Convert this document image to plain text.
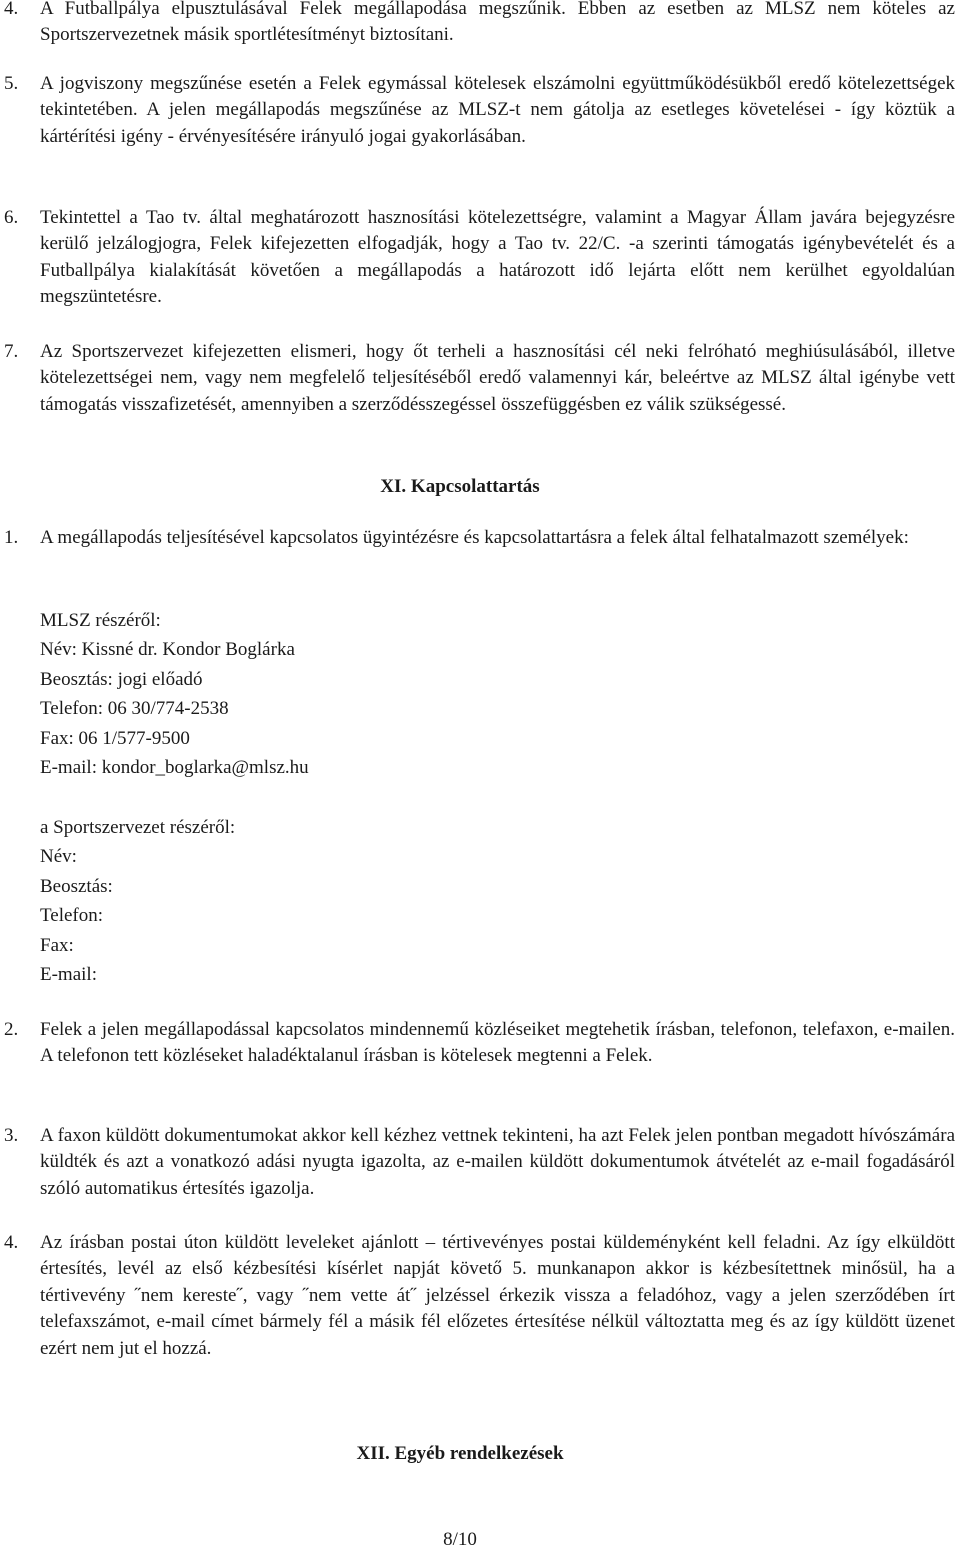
4. A Futballpálya elpusztulásával Felek megállapodása megszűnik. Ebben az esetben az MLSZ nem köteles az Sportszervezetnek másik sportlétesítményt biztosítani.

5. A jogviszony megszűnése esetén a Felek egymással kötelesek elszámolni együttműködésükből eredő kötelezettségek tekintetében. A jelen megállapodás megszűnése az MLSZ-t nem gátolja az esetleges követelései - így köztük a kártérítési igény - érvényesítésére irányuló jogai gyakorlásában.

6. Tekintettel a Tao tv. által meghatározott hasznosítási kötelezettségre, valamint a Magyar Állam javára bejegyzésre kerülő jelzálogjogra, Felek kifejezetten elfogadják, hogy a Tao tv. 22/C. -a szerinti támogatás igénybevételét és a Futballpálya kialakítását követően a megállapodás a határozott idő lejárta előtt nem kerülhet egyoldalúan megszüntetésre.

7. Az Sportszervezet kifejezetten elismeri, hogy őt terheli a hasznosítási cél neki felróható meghiúsulásából, illetve kötelezettségei nem, vagy nem megfelelő teljesítéséből eredő valamennyi kár, beleértve az MLSZ által igénybe vett támogatás visszafizetését, amennyiben a szerződésszegéssel összefüggésben ez válik szükségessé.

XI. Kapcsolattartás
1. A megállapodás teljesítésével kapcsolatos ügyintézésre és kapcsolattartásra a felek által felhatalmazott személyek:

MLSZ részéről:
Név: Kissné dr. Kondor Boglárka
Beosztás: jogi előadó
Telefon: 06 30/774-2538
Fax: 06 1/577-9500
E-mail: kondor_boglarka@mlsz.hu
a Sportszervezet részéről:
Név:
Beosztás:
Telefon:
Fax:
E-mail:
2. Felek a jelen megállapodással kapcsolatos mindennemű közléseiket megtehetik írásban, telefonon, telefaxon, e-mailen. A telefonon tett közléseket haladéktalanul írásban is kötelesek megtenni a Felek.

3. A faxon küldött dokumentumokat akkor kell kézhez vettnek tekinteni, ha azt Felek jelen pontban megadott hívószámára küldték és azt a vonatkozó adási nyugta igazolta, az e-mailen küldött dokumentumok átvételét az e-mail fogadásáról szóló automatikus értesítés igazolja.

4. Az írásban postai úton küldött leveleket ajánlott – tértivevényes postai küldeményként kell feladni. Az így elküldött értesítés, levél az első kézbesítési kísérlet napját követő 5. munkanapon akkor is kézbesítettnek minősül, ha a tértivevény ˝nem kereste˝, vagy ˝nem vette át˝ jelzéssel érkezik vissza a feladóhoz, vagy a jelen szerződében írt telefaxszámot, e-mail címet bármely fél a másik fél előzetes értesítése nélkül változtatta meg és az így küldött üzenet ezért nem jut el hozzá.

XII. Egyéb rendelkezések
8/10
